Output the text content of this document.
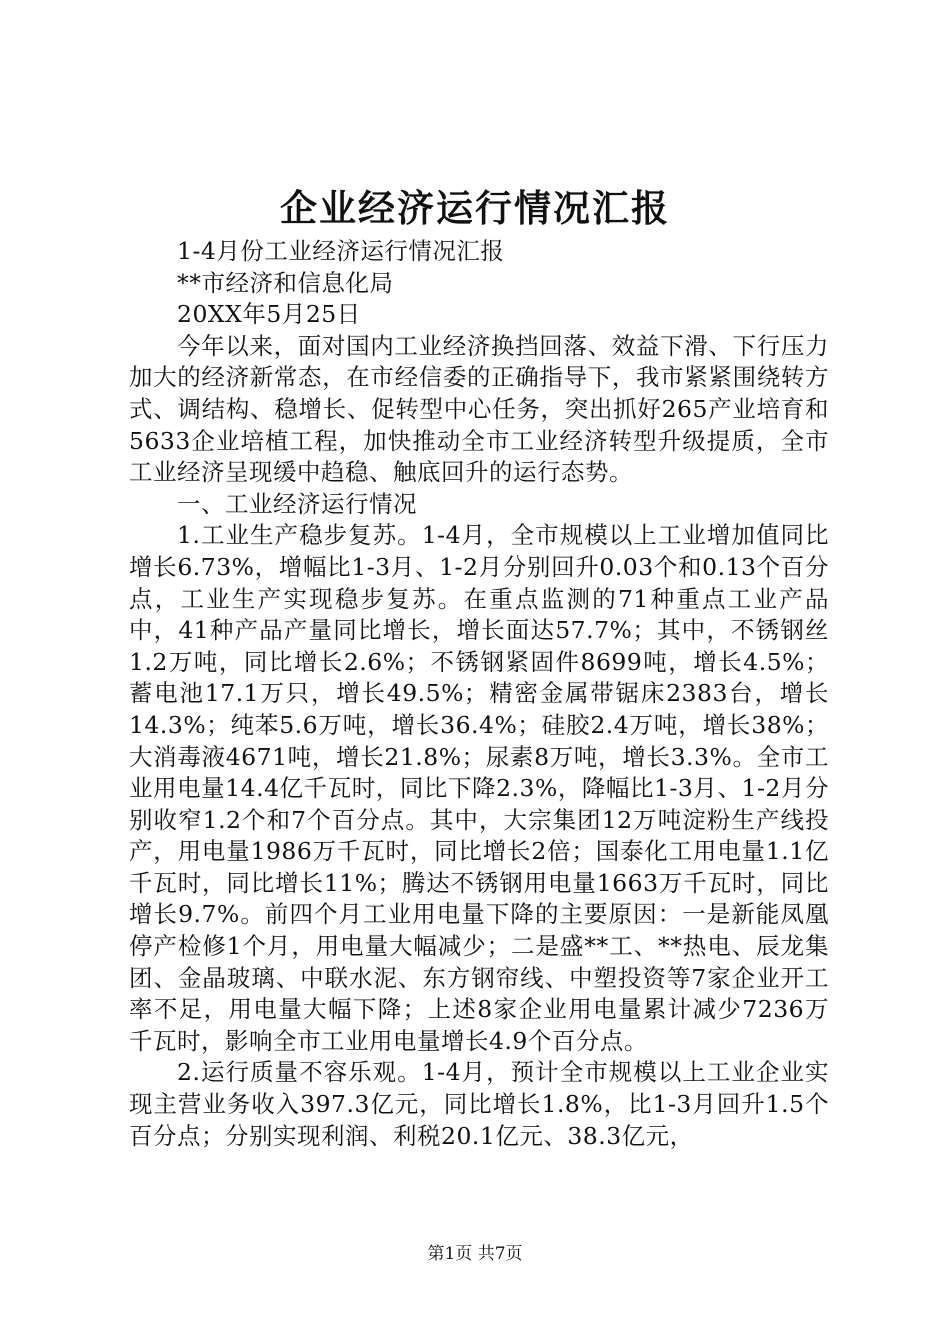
企业经济运行情况汇报

1-4月份工业经济运行情况汇报

**市经济和信息化局

20XX年5月25日

今年以来，面对国内工业经济换挡回落、效益下滑、下行压力加大的经济新常态，在市经信委的正确指导下，我市紧紧围绕转方式、调结构、稳增长、促转型中心任务，突出抓好265产业培育和5633企业培植工程，加快推动全市工业经济转型升级提质，全市工业经济呈现缓中趋稳、触底回升的运行态势。

一、工业经济运行情况

1.工业生产稳步复苏。1-4月，全市规模以上工业增加值同比增长6.73%，增幅比1-3月、1-2月分别回升0.03个和0.13个百分点，工业生产实现稳步复苏。在重点监测的71种重点工业产品中，41种产品产量同比增长，增长面达57.7%；其中，不锈钢丝1.2万吨，同比增长2.6%；不锈钢紧固件8699吨，增长4.5%；蓄电池17.1万只，增长49.5%；精密金属带锯床2383台，增长14.3%；纯苯5.6万吨，增长36.4%；硅胶2.4万吨，增长38%；大消毒液4671吨，增长21.8%；尿素8万吨，增长3.3%。全市工业用电量14.4亿千瓦时，同比下降2.3%，降幅比1-3月、1-2月分别收窄1.2个和7个百分点。其中，大宗集团12万吨淀粉生产线投产，用电量1986万千瓦时，同比增长2倍；国泰化工用电量1.1亿千瓦时，同比增长11%；腾达不锈钢用电量1663万千瓦时，同比增长9.7%。前四个月工业用电量下降的主要原因：一是新能凤凰停产检修1个月，用电量大幅减少；二是盛**工、**热电、辰龙集团、金晶玻璃、中联水泥、东方钢帘线、中塑投资等7家企业开工率不足，用电量大幅下降；上述8家企业用电量累计减少7236万千瓦时，影响全市工业用电量增长4.9个百分点。

2.运行质量不容乐观。1-4月，预计全市规模以上工业企业实现主营业务收入397.3亿元，同比增长1.8%，比1-3月回升1.5个百分点；分别实现利润、利税20.1亿元、38.3亿元，

第1页 共7页
